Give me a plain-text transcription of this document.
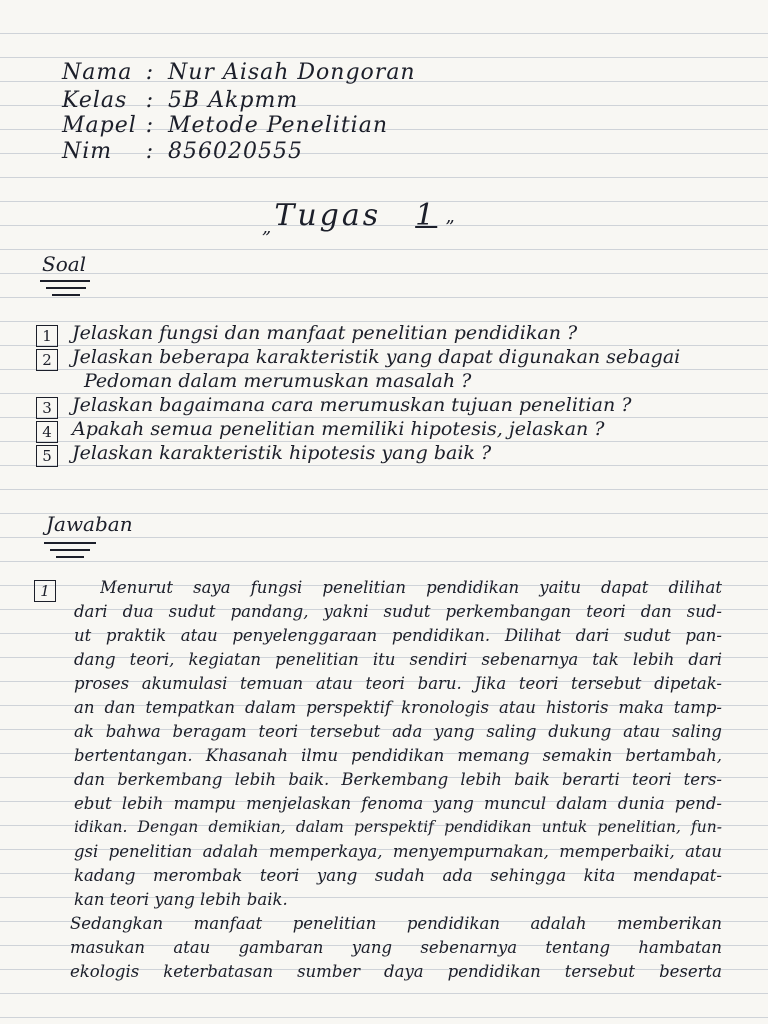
Nama : Nur Aisah Dongoran
Kelas : 5B Akpmm
Mapel : Metode Penelitian
Nim : 856020555
$_„$Tugas 1 $_”$
Soal
1 Jelaskan fungsi dan manfaat penelitian pendidikan ?
2 Jelaskan beberapa karakteristik yang dapat digunakan sebagai
Pedoman dalam merumuskan masalah ?
3 Jelaskan bagaimana cara merumuskan tujuan penelitian ?
4 Apakah semua penelitian memiliki hipotesis, jelaskan ?
5 Jelaskan karakteristik hipotesis yang baik ?
Jawaban
1	Menurut saya fungsi penelitian pendidikan yaitu dapat dilihat
dari dua sudut pandang, yakni sudut perkembangan teori dan sud-
ut praktik atau penyelenggaraan pendidikan. Dilihat dari sudut pan-
dang teori, kegiatan penelitian itu sendiri sebenarnya tak lebih dari
proses akumulasi temuan atau teori baru. Jika teori tersebut dipetak-
an dan tempatkan dalam perspektif kronologis atau historis maka tamp-
ak bahwa beragam teori tersebut ada yang saling dukung atau saling
bertentangan. Khasanah ilmu pendidikan memang semakin bertambah,
dan berkembang lebih baik. Berkembang lebih baik berarti teori ters-
ebut lebih mampu menjelaskan fenoma yang muncul dalam dunia pend-
idikan. Dengan demikian, dalam perspektif pendidikan untuk penelitian, fun-
gsi penelitian adalah memperkaya, menyempurnakan, memperbaiki, atau
kadang merombak teori yang sudah ada sehingga kita mendapat-
kan teori yang lebih baik.
Sedangkan manfaat penelitian pendidikan adalah memberikan
masukan atau gambaran yang sebenarnya tentang hambatan
ekologis keterbatasan sumber daya pendidikan tersebut beserta
